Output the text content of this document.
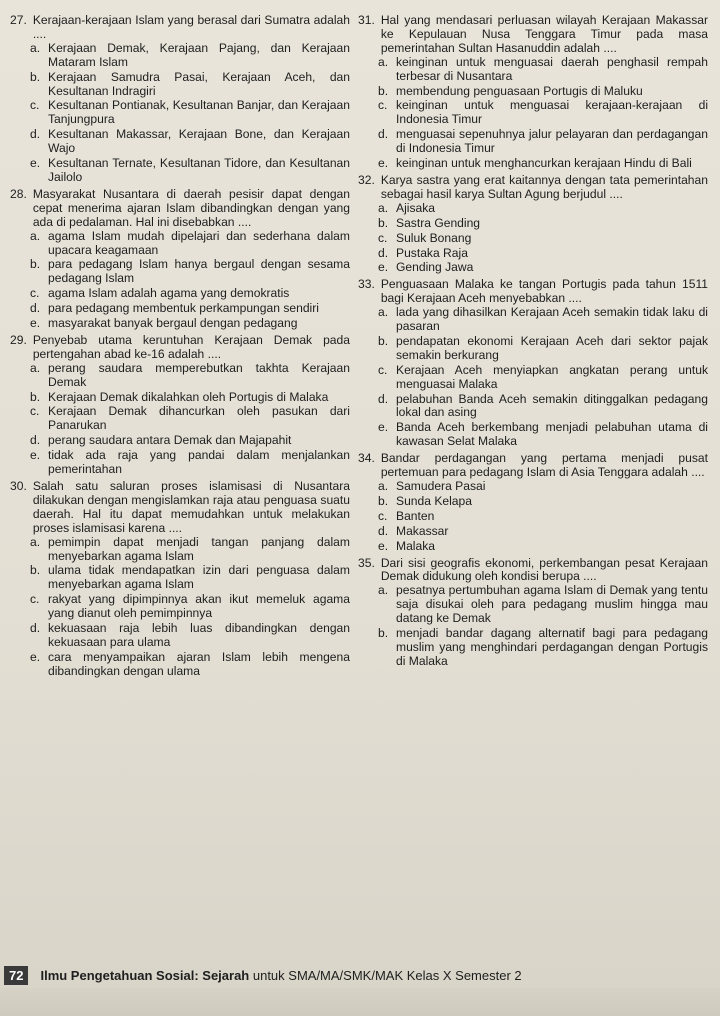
27. Kerajaan-kerajaan Islam yang berasal dari Sumatra adalah ....
a. Kerajaan Demak, Kerajaan Pajang, dan Kerajaan Mataram Islam
b. Kerajaan Samudra Pasai, Kerajaan Aceh, dan Kesultanan Indragiri
c. Kesultanan Pontianak, Kesultanan Banjar, dan Kerajaan Tanjungpura
d. Kesultanan Makassar, Kerajaan Bone, dan Kerajaan Wajo
e. Kesultanan Ternate, Kesultanan Tidore, dan Kesultanan Jailolo
28. Masyarakat Nusantara di daerah pesisir dapat dengan cepat menerima ajaran Islam dibandingkan dengan yang ada di pedalaman. Hal ini disebabkan ....
a. agama Islam mudah dipelajari dan sederhana dalam upacara keagamaan
b. para pedagang Islam hanya bergaul dengan sesama pedagang Islam
c. agama Islam adalah agama yang demokratis
d. para pedagang membentuk perkampungan sendiri
e. masyarakat banyak bergaul dengan pedagang
29. Penyebab utama keruntuhan Kerajaan Demak pada pertengahan abad ke-16 adalah ....
a. perang saudara memperebutkan takhta Kerajaan Demak
b. Kerajaan Demak dikalahkan oleh Portugis di Malaka
c. Kerajaan Demak dihancurkan oleh pasukan dari Panarukan
d. perang saudara antara Demak dan Majapahit
e. tidak ada raja yang pandai dalam menjalankan pemerintahan
30. Salah satu saluran proses islamisasi di Nusantara dilakukan dengan mengislamkan raja atau penguasa suatu daerah. Hal itu dapat memudahkan untuk melakukan proses islamisasi karena ....
a. pemimpin dapat menjadi tangan panjang dalam menyebarkan agama Islam
b. ulama tidak mendapatkan izin dari penguasa dalam menyebarkan agama Islam
c. rakyat yang dipimpinnya akan ikut memeluk agama yang dianut oleh pemimpinnya
d. kekuasaan raja lebih luas dibandingkan dengan kekuasaan para ulama
e. cara menyampaikan ajaran Islam lebih mengena dibandingkan dengan ulama
31. Hal yang mendasari perluasan wilayah Kerajaan Makassar ke Kepulauan Nusa Tenggara Timur pada masa pemerintahan Sultan Hasanuddin adalah ....
a. keinginan untuk menguasai daerah penghasil rempah terbesar di Nusantara
b. membendung penguasaan Portugis di Maluku
c. keinginan untuk menguasai kerajaan-kerajaan di Indonesia Timur
d. menguasai sepenuhnya jalur pelayaran dan perdagangan di Indonesia Timur
e. keinginan untuk menghancurkan kerajaan Hindu di Bali
32. Karya sastra yang erat kaitannya dengan tata pemerintahan sebagai hasil karya Sultan Agung berjudul ....
a. Ajisaka
b. Sastra Gending
c. Suluk Bonang
d. Pustaka Raja
e. Gending Jawa
33. Penguasaan Malaka ke tangan Portugis pada tahun 1511 bagi Kerajaan Aceh menyebabkan ....
a. lada yang dihasilkan Kerajaan Aceh semakin tidak laku di pasaran
b. pendapatan ekonomi Kerajaan Aceh dari sektor pajak semakin berkurang
c. Kerajaan Aceh menyiapkan angkatan perang untuk menguasai Malaka
d. pelabuhan Banda Aceh semakin ditinggalkan pedagang lokal dan asing
e. Banda Aceh berkembang menjadi pelabuhan utama di kawasan Selat Malaka
34. Bandar perdagangan yang pertama menjadi pusat pertemuan para pedagang Islam di Asia Tenggara adalah ....
a. Samudera Pasai
b. Sunda Kelapa
c. Banten
d. Makassar
e. Malaka
35. Dari sisi geografis ekonomi, perkembangan pesat Kerajaan Demak didukung oleh kondisi berupa ....
a. pesatnya pertumbuhan agama Islam di Demak yang tentu saja disukai oleh para pedagang muslim hingga mau datang ke Demak
b. menjadi bandar dagang alternatif bagi para pedagang muslim yang menghindari perdagangan dengan Portugis di Malaka
72	Ilmu Pengetahuan Sosial: Sejarah untuk SMA/MA/SMK/MAK Kelas X Semester 2
